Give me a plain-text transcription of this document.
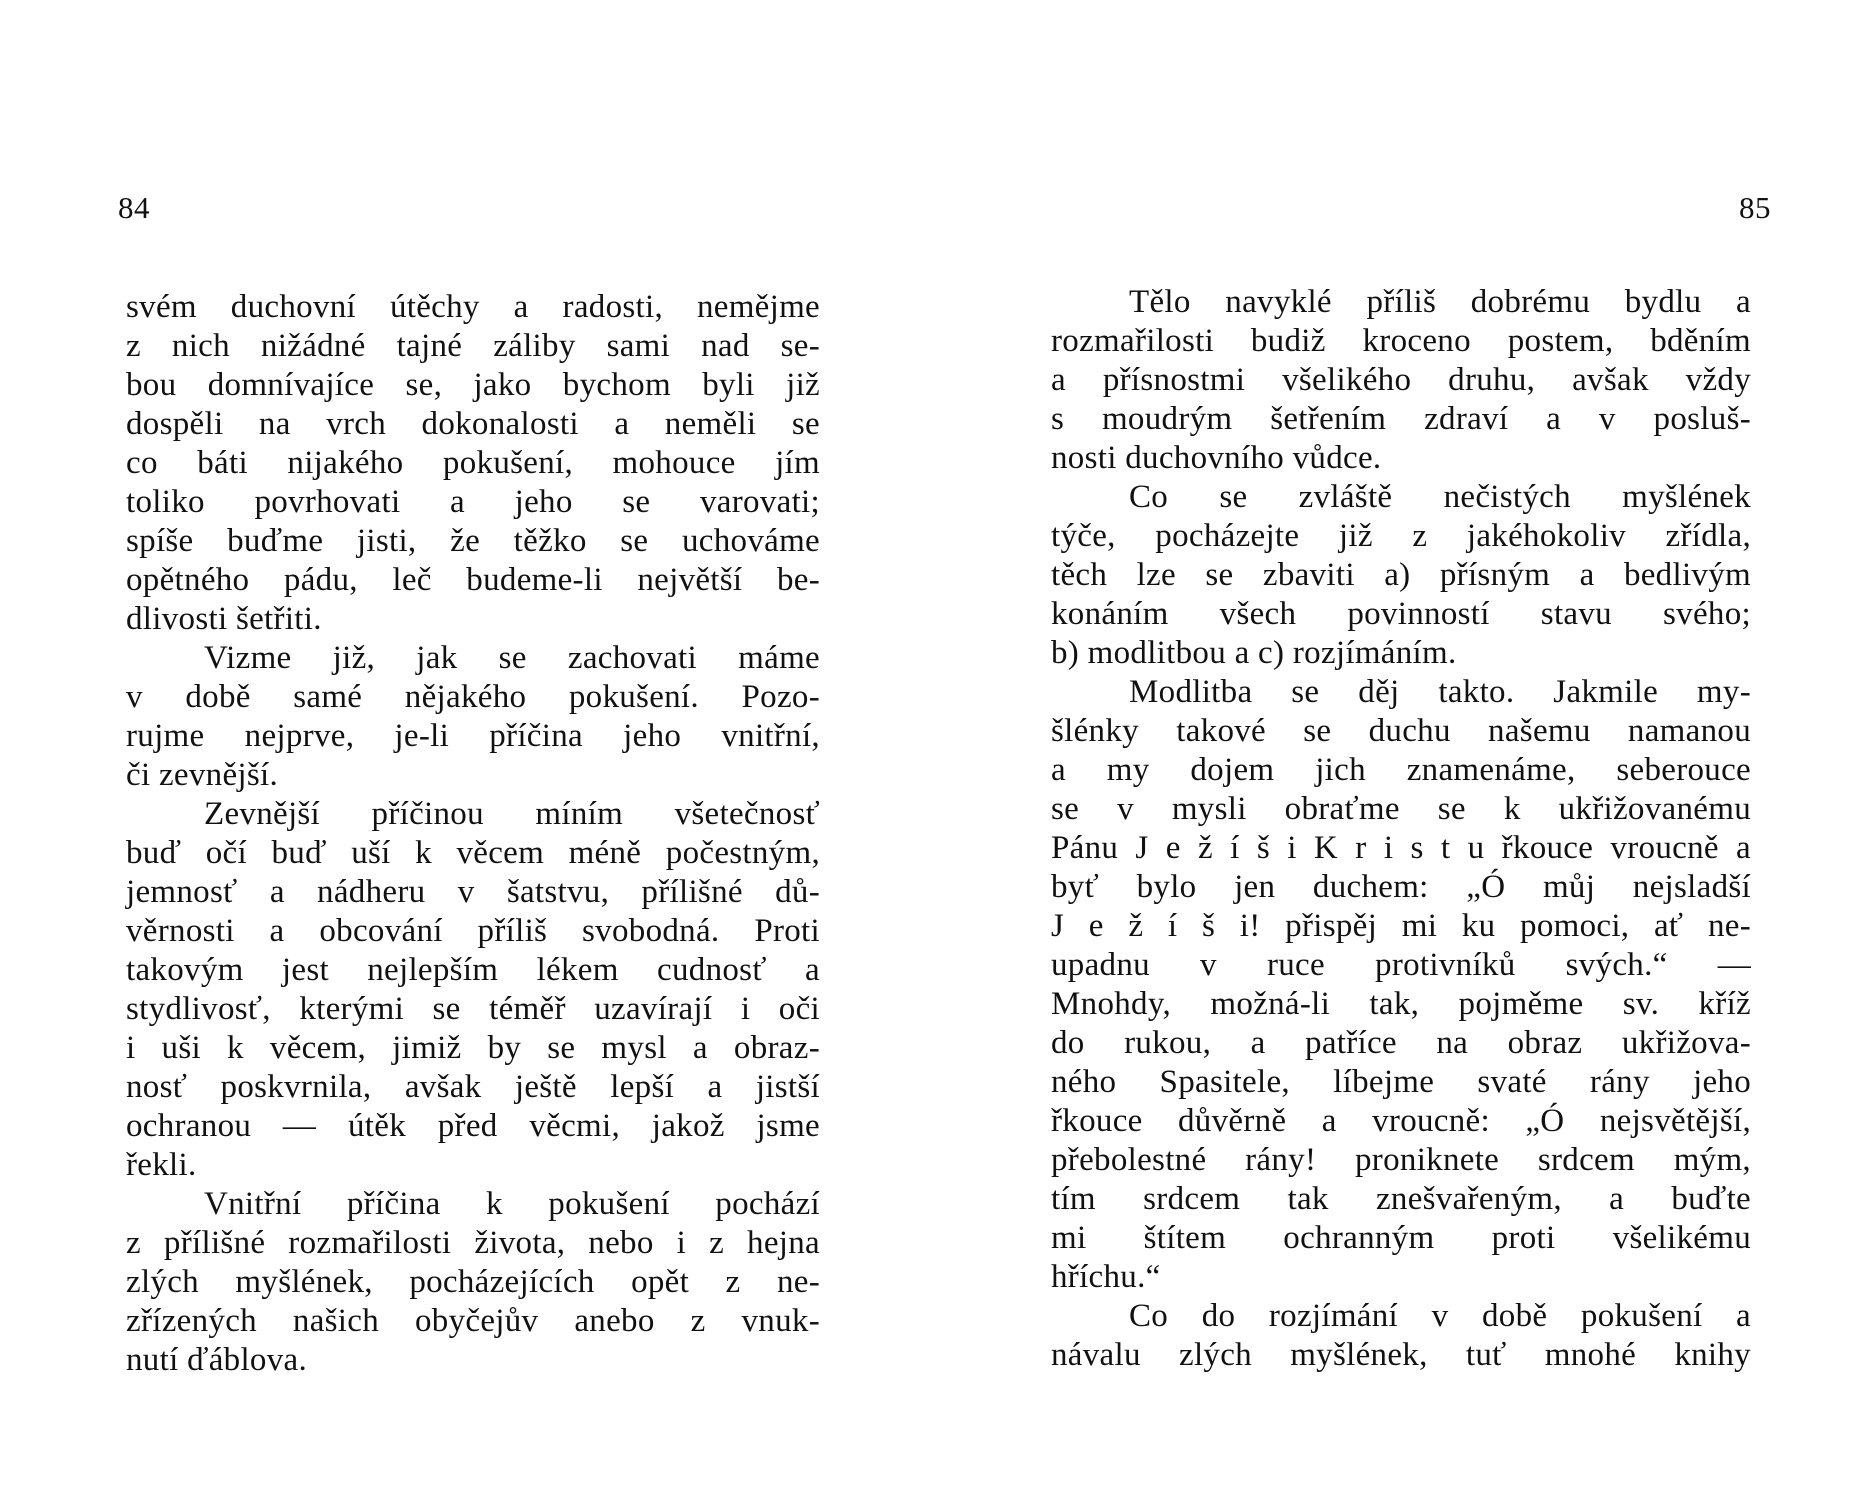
84
svém duchovní útěchy a radosti, nemějme
z nich nižádné tajné záliby sami nad se-
bou domnívajíce se, jako bychom byli již
dospěli na vrch dokonalosti a neměli se
co báti nijakého pokušení, mohouce jím
toliko povrhovati a jeho se varovati;
spíše buďme jisti, že těžko se uchováme
opětného pádu, leč budeme-li největší be-
dlivosti šetřiti.
Vizme již, jak se zachovati máme
v době samé nějakého pokušení. Pozo-
rujme nejprve, je-li příčina jeho vnitřní,
či zevnější.
Zevnější příčinou míním všetečnosť
buď očí buď uší k věcem méně počestným,
jemnosť a nádheru v šatstvu, přílišné dů-
věrnosti a obcování příliš svobodná. Proti
takovým jest nejlepším lékem cudnosť a
stydlivosť, kterými se téměř uzavírají i oči
i uši k věcem, jimiž by se mysl a obraz-
nosť poskvrnila, avšak ještě lepší a jistší
ochranou — útěk před věcmi, jakož jsme
řekli.
Vnitřní příčina k pokušení pochází
z přílišné rozmařilosti života, nebo i z hejna
zlých myšlének, pocházejících opět z ne-
zřízených našich obyčejův anebo z vnuk-
nutí ďáblova.
85
Tělo navyklé příliš dobrému bydlu a
rozmařilosti budiž kroceno postem, bděním
a přísnostmi všelikého druhu, avšak vždy
s moudrým šetřením zdraví a v posluš-
nosti duchovního vůdce.
Co se zvláště nečistých myšlének
týče, pocházejte již z jakéhokoliv zřídla,
těch lze se zbaviti a) přísným a bedlivým
konáním všech povinností stavu svého;
b) modlitbou a c) rozjímáním.
Modlitba se děj takto. Jakmile my-
šlénky takové se duchu našemu namanou
a my dojem jich znamenáme, seberouce
se v mysli obraťme se k ukřižovanému
Pánu J e ž í š i K r i s t u řkouce vroucně a
byť bylo jen duchem: „Ó můj nejsladší
J e ž í š i! přispěj mi ku pomoci, ať ne-
upadnu v ruce protivníků svých.“ —
Mnohdy, možná-li tak, pojměme sv. kříž
do rukou, a patříce na obraz ukřižova-
ného Spasitele, líbejme svaté rány jeho
řkouce důvěrně a vroucně: „Ó nejsvětější,
přebolestné rány! proniknete srdcem mým,
tím srdcem tak znešvařeným, a buďte
mi štítem ochranným proti všelikému
hříchu.“
Co do rozjímání v době pokušení a
návalu zlých myšlének, tuť mnohé knihy
